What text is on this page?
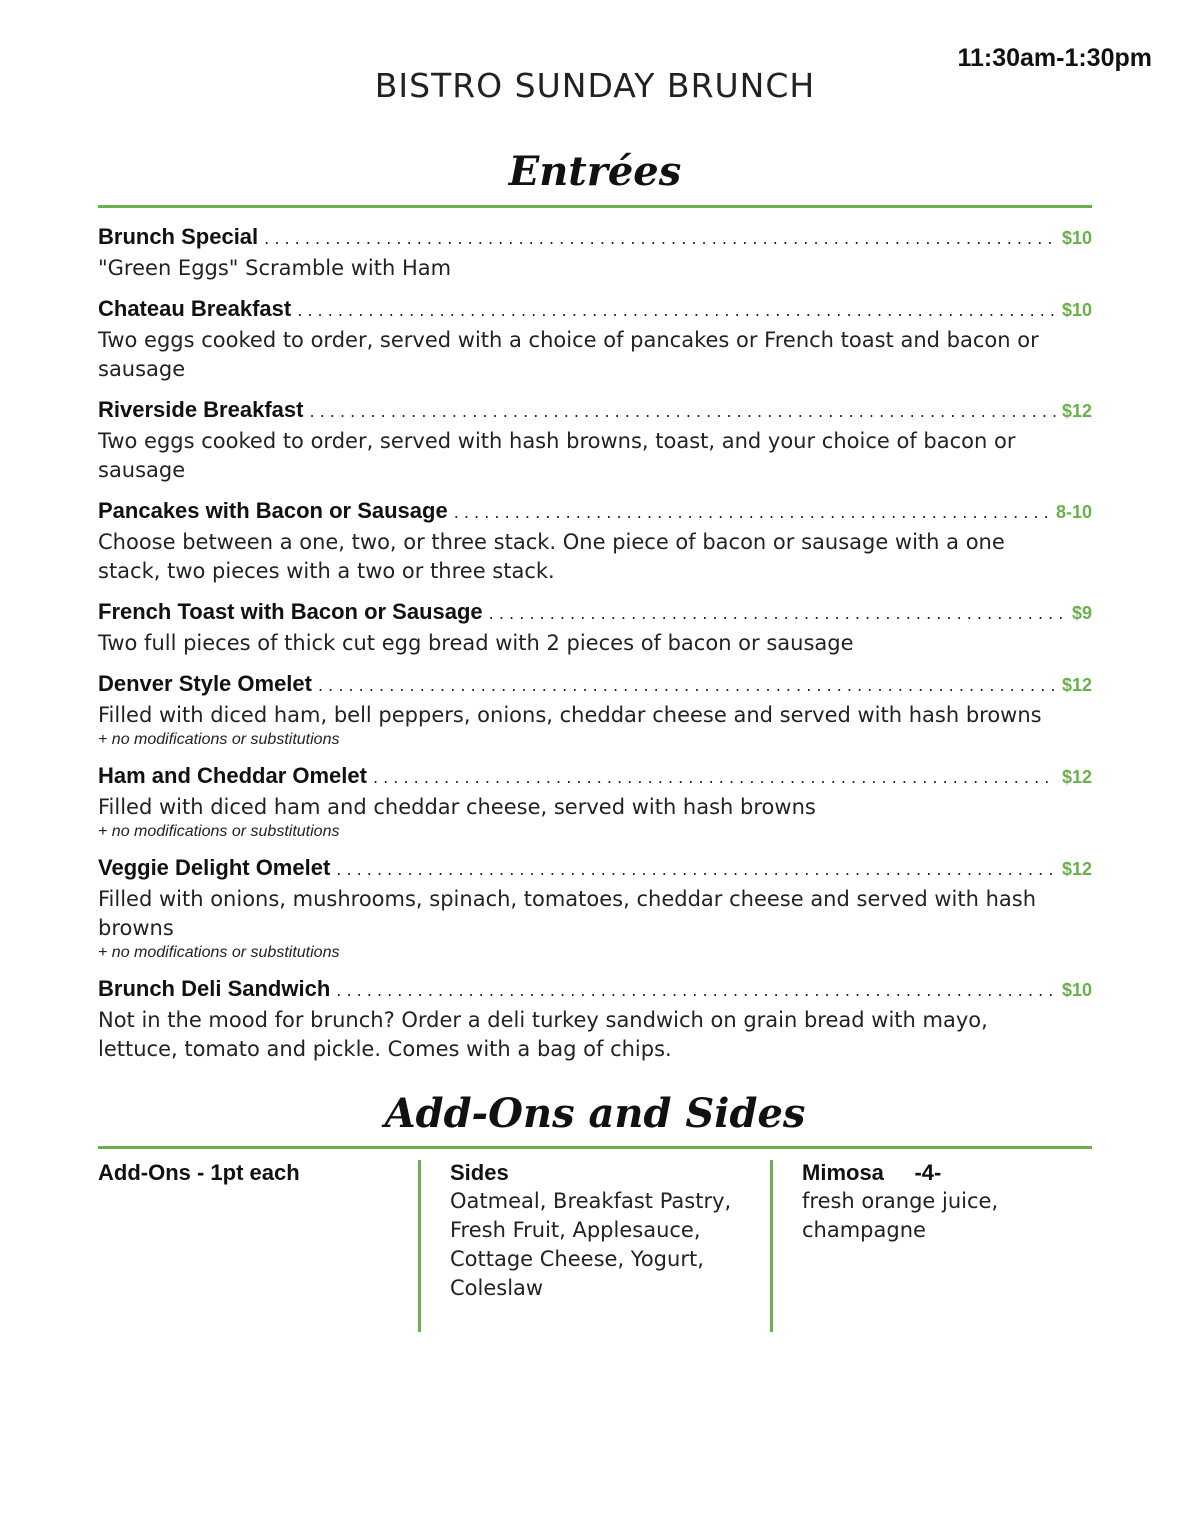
11:30am-1:30pm
BISTRO SUNDAY BRUNCH
Entrées
Brunch Special . . .	$10
"Green Eggs" Scramble with Ham
Chateau Breakfast . . .	$10
Two eggs cooked to order, served with a choice of pancakes or French toast and bacon or sausage
Riverside Breakfast . . .	$12
Two eggs cooked to order, served with hash browns, toast, and your choice of bacon or sausage
Pancakes with Bacon or Sausage . . .	8-10
Choose between a one, two, or three stack. One piece of bacon or sausage with a one stack, two pieces with a two or three stack.
French Toast with Bacon or Sausage . . .	$9
Two full pieces of thick cut egg bread with 2 pieces of bacon or sausage
Denver Style Omelet . . .	$12
Filled with diced ham, bell peppers, onions, cheddar cheese and served with hash browns
+ no modifications or substitutions
Ham and Cheddar Omelet . . .	$12
Filled with diced ham and cheddar cheese, served with hash browns
+ no modifications or substitutions
Veggie Delight Omelet . . .	$12
Filled with onions, mushrooms, spinach, tomatoes, cheddar cheese and served with hash browns
+ no modifications or substitutions
Brunch Deli Sandwich . . .	$10
Not in the mood for brunch? Order a deli turkey sandwich on grain bread with mayo, lettuce, tomato and pickle. Comes with a bag of chips.
Add-Ons and Sides
Add-Ons - 1pt each	Sides
Oatmeal, Breakfast Pastry, Fresh Fruit, Applesauce, Cottage Cheese, Yogurt, Coleslaw
Mimosa     -4-
fresh orange juice, champagne
